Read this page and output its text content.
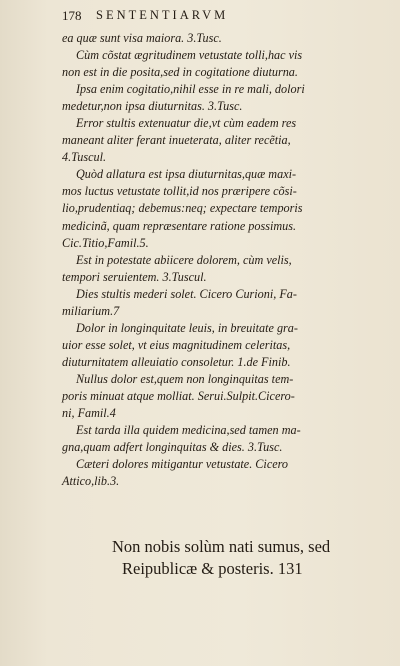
178 SENTENTIARVM
ea quæ sunt visa maiora. 3.Tusc.
Cùm cõstat ægritudinem vetustate tolli,hac vis
non est in die posita,sed in cogitatione diuturna.
Ipsa enim cogitatio,nihil esse in re mali, dolori
medetur,non ipsa diuturnitas. 3.Tusc.
Error stultis extenuatur die,vt cùm eadem res
maneant aliter ferant inueterata, aliter recẽtia,
4.Tuscul.
Quòd allatura est ipsa diuturnitas,quæ maxi-
mos luctus vetustate tollit,id nos præripere cõsi-
lio,prudentiaq; debemus:neq; expectare temporis
medicinã, quam repræsentare ratione possimus.
Cic.Titio,Famil.5.
Est in potestate abiicere dolorem, cùm velis,
tempori seruientem. 3.Tuscul.
Dies stultis mederi solet. Cicero Curioni, Fa-
miliarium.7
Dolor in longinquitate leuis, in breuitate gra-
uior esse solet, vt eius magnitudinem celeritas,
diuturnitatem alleuiatio consoletur. 1.de Finib.
Nullus dolor est,quem non longinquitas tem-
poris minuat atque molliat. Serui.Sulpit.Cicero-
ni, Famil.4
Est tarda illa quidem medicina,sed tamen ma-
gna,quam adfert longinquitas & dies. 3.Tusc.
Cæteri dolores mitigantur vetustate. Cicero
Attico,lib.3.
Non nobis solùm nati sumus, sed
Reipublicæ & posteris. 131
